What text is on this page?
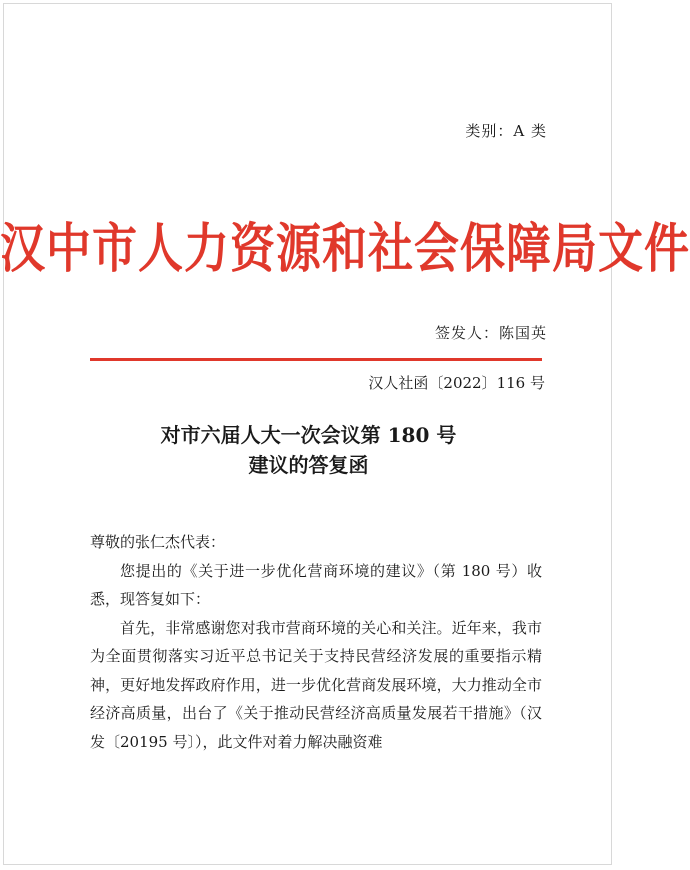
类别：A 类
汉中市人力资源和社会保障局文件
签发人：陈国英
汉人社函〔2022〕116 号
对市六届人大一次会议第 180 号
建议的答复函

尊敬的张仁杰代表：

您提出的《关于进一步优化营商环境的建议》（第 180 号）收悉，现答复如下：

首先，非常感谢您对我市营商环境的关心和关注。近年来，我市为全面贯彻落实习近平总书记关于支持民营经济发展的重要指示精神，更好地发挥政府作用，进一步优化营商发展环境，大力推动全市经济高质量，出台了《关于推动民营经济高质量发展若干措施》（汉发〔20195 号〕），此文件对着力解决融资难
